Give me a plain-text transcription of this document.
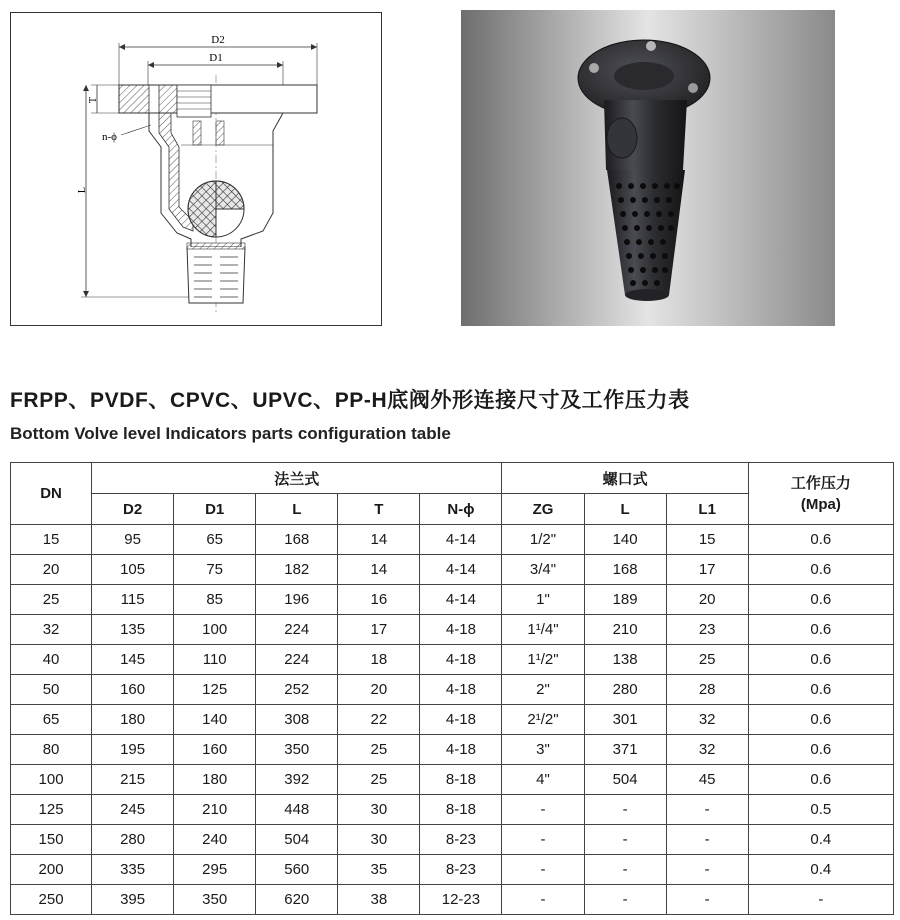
D2
D1
T
L
n-ϕ
FRPP、PVDF、CPVC、UPVC、PP-H底阀外形连接尺寸及工作压力表
Bottom Volve level Indicators parts configuration table
DN	法兰式					螺口式			工作压力
(Mpa)

	D2	D1	L	T	N-ϕ	ZG	L	L1	
15	95	65	168	14	4-14	1/2"	140	15	0.6
20	105	75	182	14	4-14	3/4"	168	17	0.6
25	115	85	196	16	4-14	1"	189	20	0.6
32	135	100	224	17	4-18	1¹/4"	210	23	0.6
40	145	110	224	18	4-18	1¹/2"	138	25	0.6
50	160	125	252	20	4-18	2"	280	28	0.6
65	180	140	308	22	4-18	2¹/2"	301	32	0.6
80	195	160	350	25	4-18	3"	371	32	0.6
100	215	180	392	25	8-18	4"	504	45	0.6
125	245	210	448	30	8-18	-	-	-	0.5
150	280	240	504	30	8-23	-	-	-	0.4
200	335	295	560	35	8-23	-	-	-	0.4
250	395	350	620	38	12-23	-	-	-	-
